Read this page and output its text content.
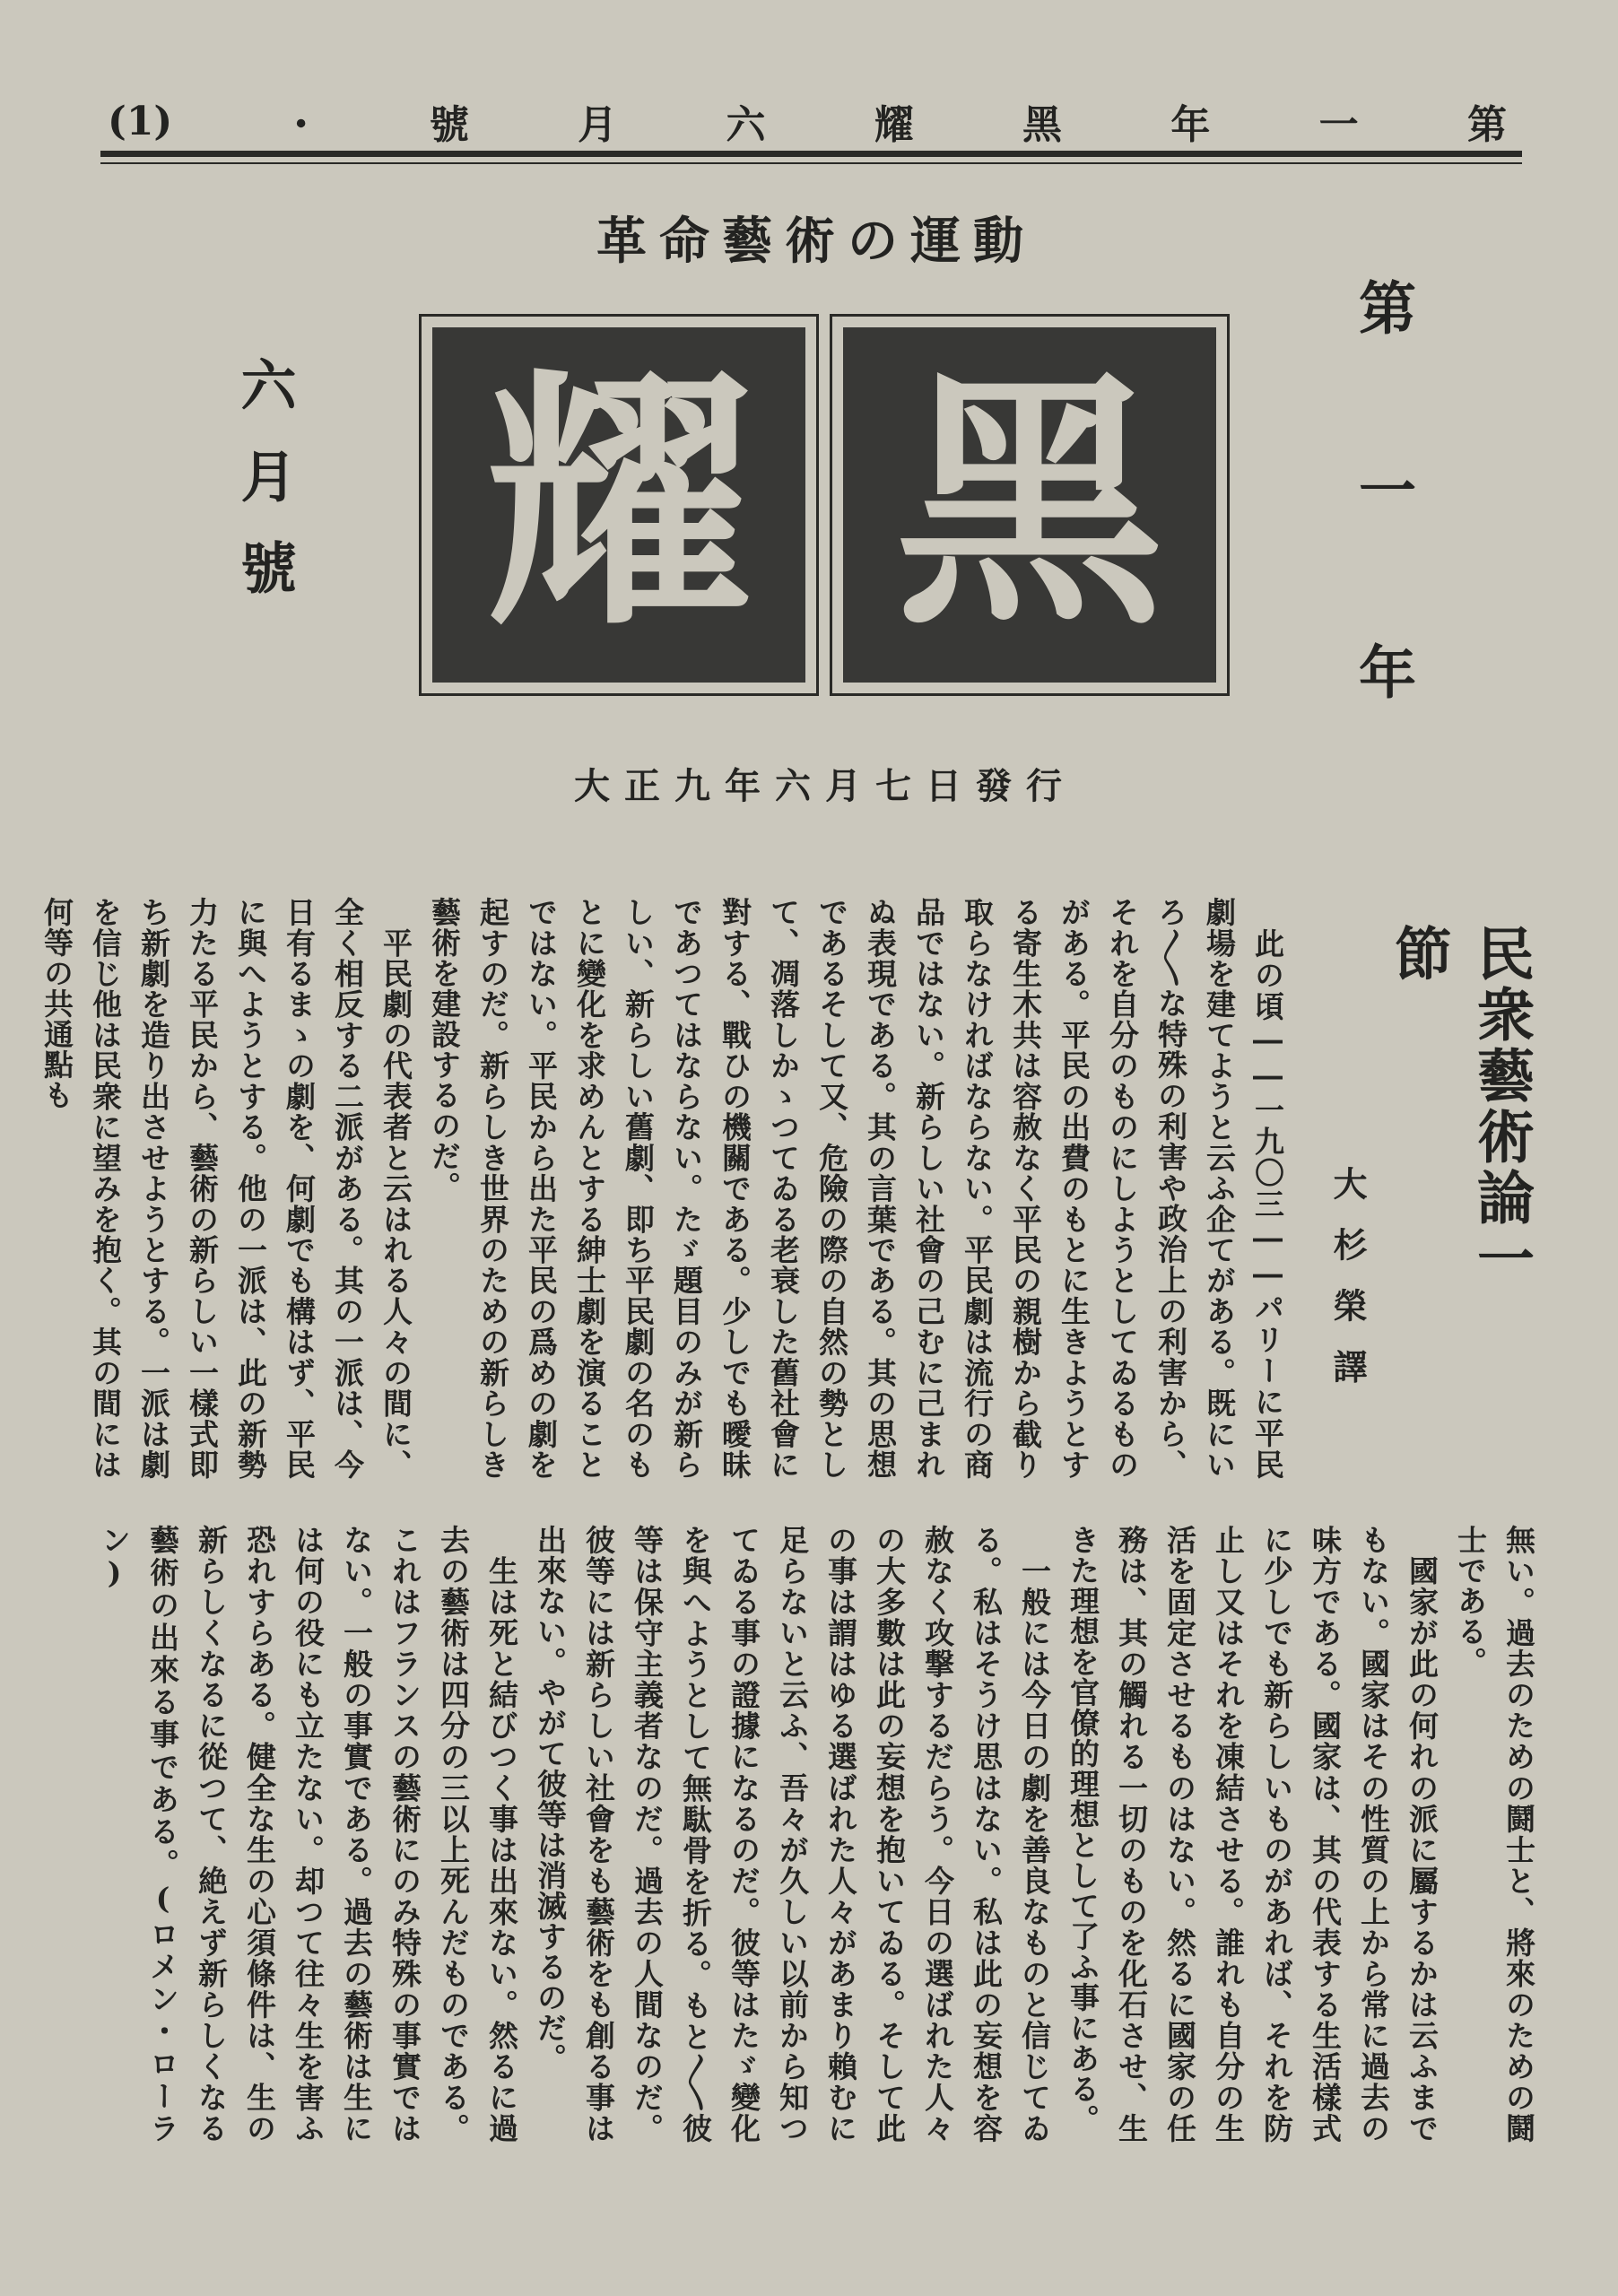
第
一
年
黑
耀
六
月
號
・
(1)
革命藝術の運動
黑
耀	第一年
六月號
大正九年六月七日發行
民衆藝術論一節
大杉榮譯

　此の頃――一九〇三――パリーに平民劇場を建てようと云ふ企てがある。既にいろ〱な特殊の利害や政治上の利害から、それを自分のものにしようとしてゐるものがある。平民の出費のもとに生きようとする寄生木共は容赦なく平民の親樹から截り取らなければならない。平民劇は流行の商品ではない。新らしい社會の己むに己まれぬ表現である。其の言葉である。其の思想であるそして又、危險の際の自然の勢として、凋落しかゝつてゐる老衰した舊社會に對する、戰ひの機關である。少しでも曖昧であつてはならない。たゞ題目のみが新らしい、新らしい舊劇、即ち平民劇の名のもとに變化を求めんとする紳士劇を演ることではない。平民から出た平民の爲めの劇を起すのだ。新らしき世界のための新らしき藝術を建設するのだ。

　平民劇の代表者と云はれる人々の間に、全く相反する二派がある。其の一派は、今日有るまゝの劇を、何劇でも構はず、平民に與へようとする。他の一派は、此の新勢力たる平民から、藝術の新らしい一樣式即ち新劇を造り出させようとする。一派は劇を信じ他は民衆に望みを抱く。其の間には何等の共通點も

無い。過去のための鬪士と、將來のための鬪士である。

　國家が此の何れの派に屬するかは云ふまでもない。國家はその性質の上から常に過去の味方である。國家は、其の代表する生活樣式に少しでも新らしいものがあれば、それを防止し又はそれを凍結させる。誰れも自分の生活を固定させるものはない。然るに國家の任務は、其の觸れる一切のものを化石させ、生きた理想を官僚的理想として了ふ事にある。

　一般には今日の劇を善良なものと信じてゐる。私はそうけ思はない。私は此の妄想を容赦なく攻撃するだらう。今日の選ばれた人々の大多數は此の妄想を抱いてゐる。そして此の事は謂はゆる選ばれた人々があまり賴むに足らないと云ふ、吾々が久しい以前から知つてゐる事の證據になるのだ。彼等はたゞ變化を與へようとして無駄骨を折る。もと〱彼等は保守主義者なのだ。過去の人間なのだ。彼等には新らしい社會をも藝術をも創る事は出來ない。やがて彼等は消滅するのだ。

　生は死と結びつく事は出來ない。然るに過去の藝術は四分の三以上死んだものである。これはフランスの藝術にのみ特殊の事實ではない。一般の事實である。過去の藝術は生には何の役にも立たない。却つて往々生を害ふ恐れすらある。健全な生の心須條件は、生の新らしくなるに從つて、絶えず新らしくなる藝術の出來る事である。(ロメン・ローラン)
